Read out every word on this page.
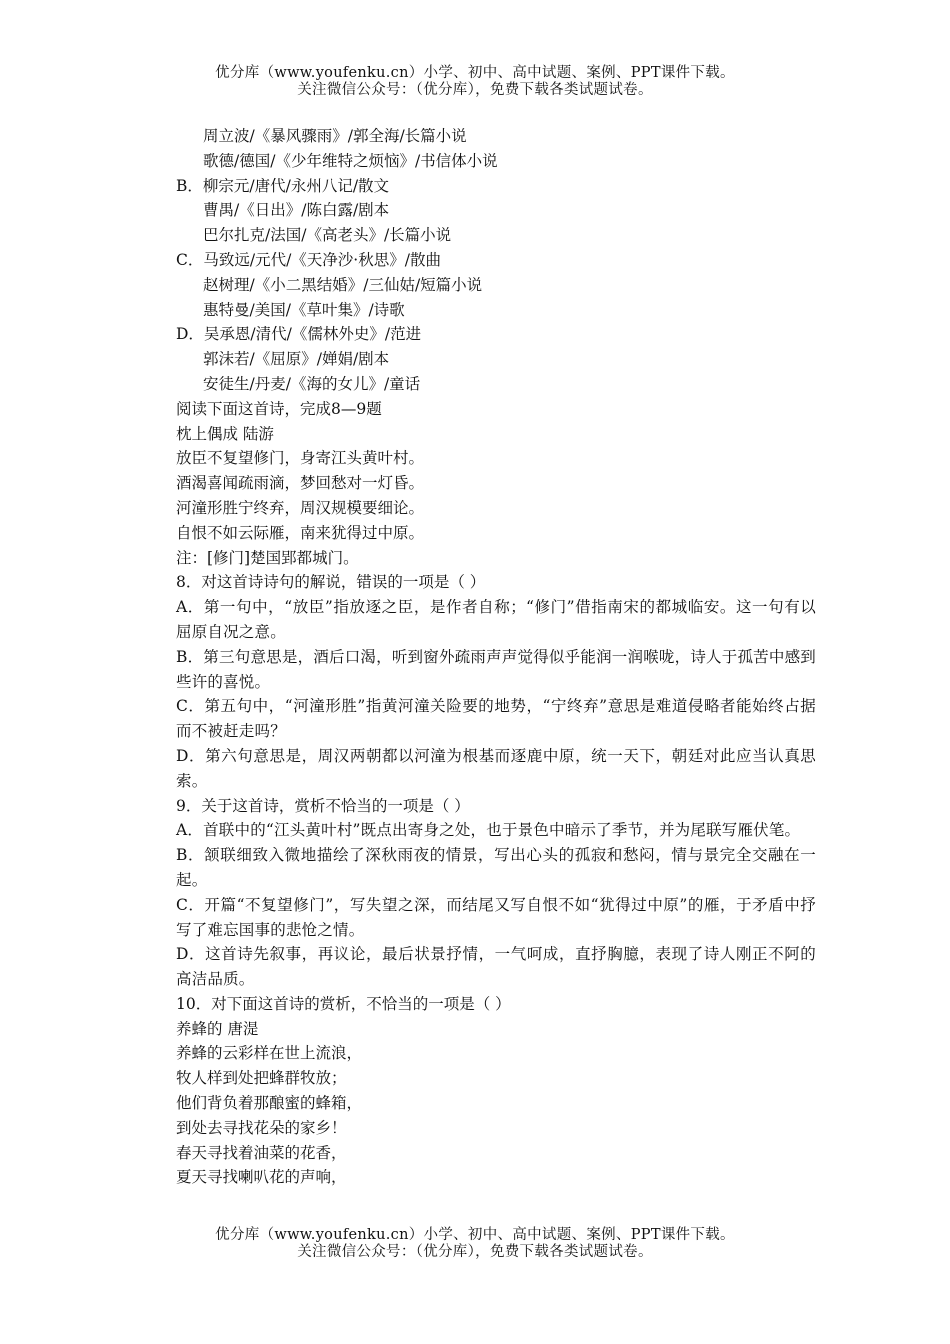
优分库（www.youfenku.cn）小学、初中、高中试题、案例、PPT课件下载。
关注微信公众号：（优分库），免费下载各类试题试卷。
周立波/《暴风骤雨》/郭全海/长篇小说
歌德/德国/《少年维特之烦恼》/书信体小说
B．柳宗元/唐代/永州八记/散文
曹禺/《日出》/陈白露/剧本
巴尔扎克/法国/《高老头》/长篇小说
C．马致远/元代/《天净沙·秋思》/散曲
赵树理/《小二黑结婚》/三仙姑/短篇小说
惠特曼/美国/《草叶集》/诗歌
D．吴承恩/清代/《儒林外史》/范进
郭沫若/《屈原》/婵娟/剧本
安徒生/丹麦/《海的女儿》/童话
阅读下面这首诗，完成8—9题
枕上偶成 陆游
放臣不复望修门，身寄江头黄叶村。
酒渴喜闻疏雨滴，梦回愁对一灯昏。
河潼形胜宁终弃，周汉规模要细论。
自恨不如云际雁，南来犹得过中原。
注：[修门]楚国郢都城门。
8．对这首诗诗句的解说，错误的一项是（ ）
A．第一句中，“放臣”指放逐之臣，是作者自称；“修门”借指南宋的都城临安。这一句有以屈原自况之意。
B．第三句意思是，酒后口渴，听到窗外疏雨声声觉得似乎能润一润喉咙，诗人于孤苦中感到些许的喜悦。
C．第五句中，“河潼形胜”指黄河潼关险要的地势，“宁终弃”意思是难道侵略者能始终占据而不被赶走吗？
D．第六句意思是，周汉两朝都以河潼为根基而逐鹿中原，统一天下，朝廷对此应当认真思索。
9．关于这首诗，赏析不恰当的一项是（ ）
A．首联中的“江头黄叶村”既点出寄身之处，也于景色中暗示了季节，并为尾联写雁伏笔。
B．颔联细致入微地描绘了深秋雨夜的情景，写出心头的孤寂和愁闷，情与景完全交融在一起。
C．开篇“不复望修门”，写失望之深，而结尾又写自恨不如“犹得过中原”的雁，于矛盾中抒写了难忘国事的悲怆之情。
D．这首诗先叙事，再议论，最后状景抒情，一气呵成，直抒胸臆，表现了诗人刚正不阿的高洁品质。
10．对下面这首诗的赏析，不恰当的一项是（ ）
养蜂的 唐湜
养蜂的云彩样在世上流浪，
牧人样到处把蜂群牧放；
他们背负着那酿蜜的蜂箱，
到处去寻找花朵的家乡！
春天寻找着油菜的花香，
夏天寻找喇叭花的声响，
优分库（www.youfenku.cn）小学、初中、高中试题、案例、PPT课件下载。
关注微信公众号：（优分库），免费下载各类试题试卷。
